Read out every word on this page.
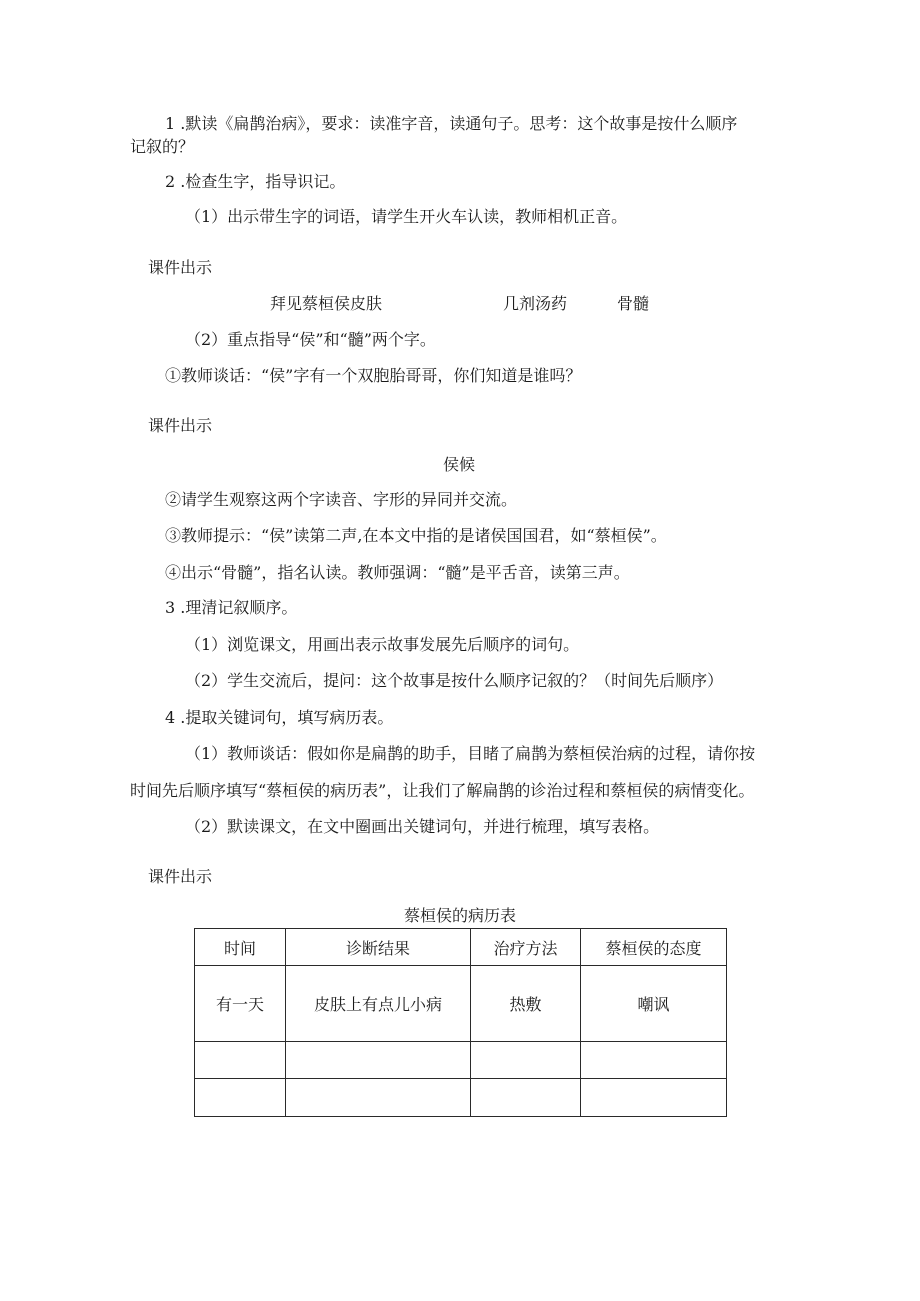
1 .默读《扁鹊治病》，要求：读准字音，读通句子。思考：这个故事是按什么顺序
记叙的？
2 .检查生字，指导识记。
（1）出示带生字的词语，请学生开火车认读，教师相机正音。
课件出示
拜见蔡桓侯皮肤	几剂汤药	骨髓
（2）重点指导“侯”和“髓”两个字。
①教师谈话：“侯”字有一个双胞胎哥哥，你们知道是谁吗？
课件出示
侯候
②请学生观察这两个字读音、字形的异同并交流。
③教师提示：“侯”读第二声,在本文中指的是诸侯国国君，如“蔡桓侯”。
④出示“骨髓”，指名认读。教师强调：“髓”是平舌音，读第三声。
3 .理清记叙顺序。
（1）浏览课文，用画出表示故事发展先后顺序的词句。
（2）学生交流后，提问：这个故事是按什么顺序记叙的？（时间先后顺序）
4 .提取关键词句，填写病历表。
（1）教师谈话：假如你是扁鹊的助手，目睹了扁鹊为蔡桓侯治病的过程，请你按
时间先后顺序填写“蔡桓侯的病历表”，让我们了解扁鹊的诊治过程和蔡桓侯的病情变化。
（2）默读课文，在文中圈画出关键词句，并进行梳理，填写表格。
课件出示
蔡桓侯的病历表
时间	诊断结果	治疗方法	蔡桓侯的态度
有一天	皮肤上有点儿小病	热敷	嘲讽
